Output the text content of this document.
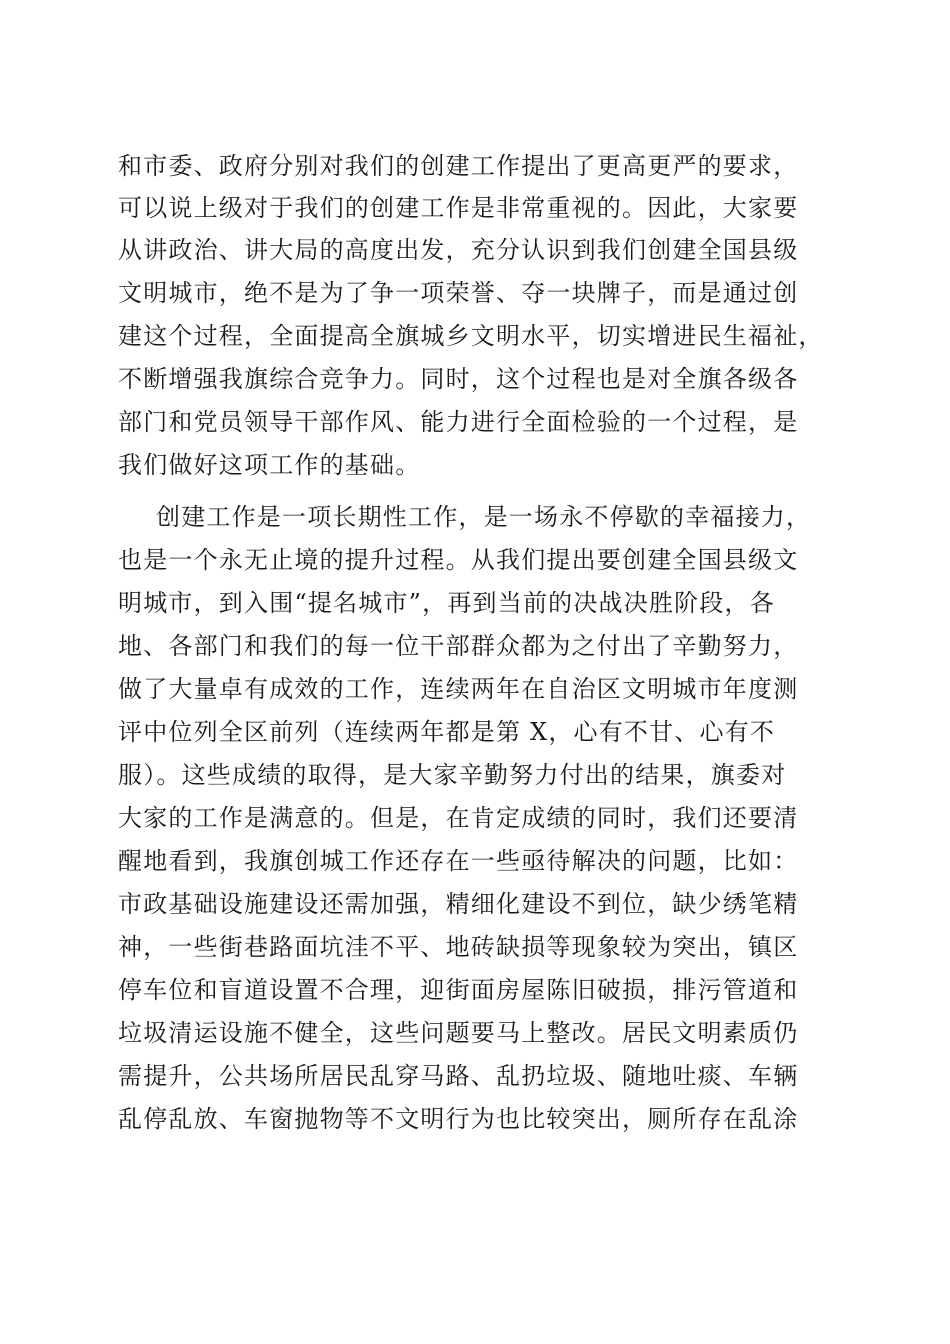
和市委、政府分别对我们的创建工作提出了更高更严的要求，
可以说上级对于我们的创建工作是非常重视的。因此，大家要
从讲政治、讲大局的高度出发，充分认识到我们创建全国县级
文明城市，绝不是为了争一项荣誉、夺一块牌子，而是通过创
建这个过程，全面提高全旗城乡文明水平，切实增进民生福祉，
不断增强我旗综合竞争力。同时，这个过程也是对全旗各级各
部门和党员领导干部作风、能力进行全面检验的一个过程，是
我们做好这项工作的基础。
创建工作是一项长期性工作，是一场永不停歇的幸福接力，
也是一个永无止境的提升过程。从我们提出要创建全国县级文
明城市，到入围“提名城市”，再到当前的决战决胜阶段，各
地、各部门和我们的每一位干部群众都为之付出了辛勤努力，
做了大量卓有成效的工作，连续两年在自治区文明城市年度测
评中位列全区前列（连续两年都是第 X，心有不甘、心有不
服）。这些成绩的取得，是大家辛勤努力付出的结果，旗委对
大家的工作是满意的。但是，在肯定成绩的同时，我们还要清
醒地看到，我旗创城工作还存在一些亟待解决的问题，比如：
市政基础设施建设还需加强，精细化建设不到位，缺少绣笔精
神，一些街巷路面坑洼不平、地砖缺损等现象较为突出，镇区
停车位和盲道设置不合理，迎街面房屋陈旧破损，排污管道和
垃圾清运设施不健全，这些问题要马上整改。居民文明素质仍
需提升，公共场所居民乱穿马路、乱扔垃圾、随地吐痰、车辆
乱停乱放、车窗抛物等不文明行为也比较突出，厕所存在乱涂
